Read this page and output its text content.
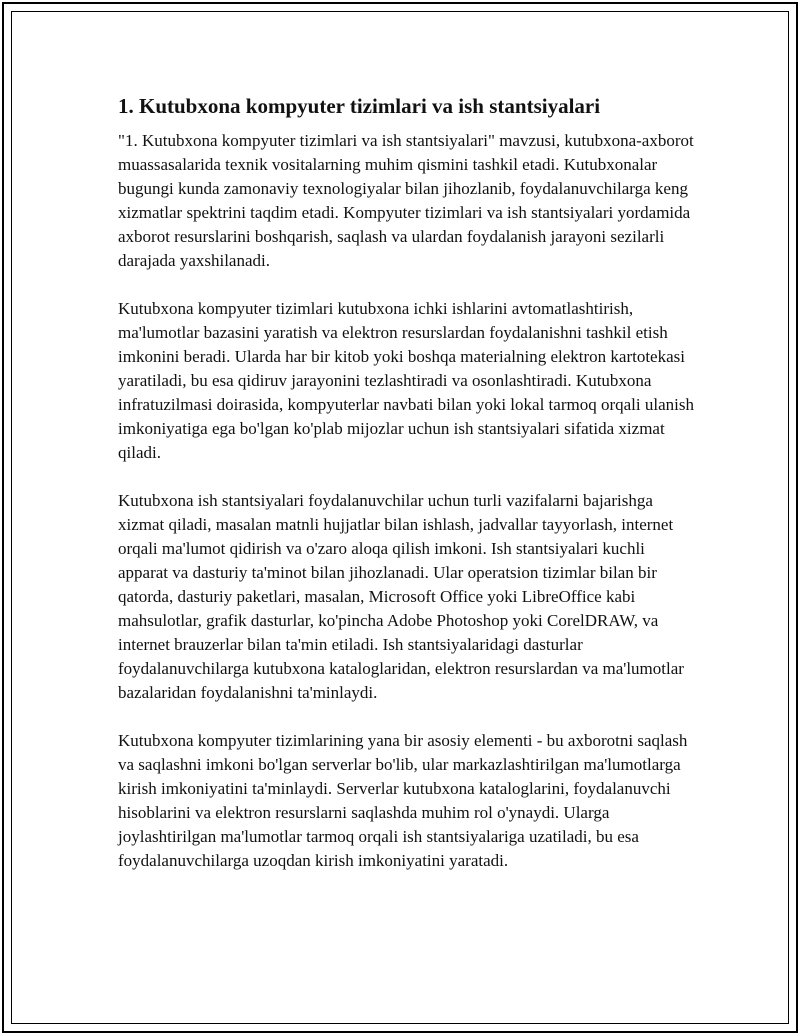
1. Kutubxona kompyuter tizimlari va ish stantsiyalari

"1. Kutubxona kompyuter tizimlari va ish stantsiyalari" mavzusi, kutubxona-axborot muassasalarida texnik vositalarning muhim qismini tashkil etadi. Kutubxonalar bugungi kunda zamonaviy texnologiyalar bilan jihozlanib, foydalanuvchilarga keng xizmatlar spektrini taqdim etadi. Kompyuter tizimlari va ish stantsiyalari yordamida axborot resurslarini boshqarish, saqlash va ulardan foydalanish jarayoni sezilarli darajada yaxshilanadi.

Kutubxona kompyuter tizimlari kutubxona ichki ishlarini avtomatlashtirish, ma'lumotlar bazasini yaratish va elektron resurslardan foydalanishni tashkil etish imkonini beradi. Ularda har bir kitob yoki boshqa materialning elektron kartotekasi yaratiladi, bu esa qidiruv jarayonini tezlashtiradi va osonlashtiradi. Kutubxona infratuzilmasi doirasida, kompyuterlar navbati bilan yoki lokal tarmoq orqali ulanish imkoniyatiga ega bo'lgan ko'plab mijozlar uchun ish stantsiyalari sifatida xizmat qiladi.

Kutubxona ish stantsiyalari foydalanuvchilar uchun turli vazifalarni bajarishga xizmat qiladi, masalan matnli hujjatlar bilan ishlash, jadvallar tayyorlash, internet orqali ma'lumot qidirish va o'zaro aloqa qilish imkoni. Ish stantsiyalari kuchli apparat va dasturiy ta'minot bilan jihozlanadi. Ular operatsion tizimlar bilan bir qatorda, dasturiy paketlari, masalan, Microsoft Office yoki LibreOffice kabi mahsulotlar, grafik dasturlar, ko'pincha Adobe Photoshop yoki CorelDRAW, va internet brauzerlar bilan ta'min etiladi. Ish stantsiyalaridagi dasturlar foydalanuvchilarga kutubxona kataloglaridan, elektron resurslardan va ma'lumotlar bazalaridan foydalanishni ta'minlaydi.

Kutubxona kompyuter tizimlarining yana bir asosiy elementi - bu axborotni saqlash va saqlashni imkoni bo'lgan serverlar bo'lib, ular markazlashtirilgan ma'lumotlarga kirish imkoniyatini ta'minlaydi. Serverlar kutubxona kataloglarini, foydalanuvchi hisoblarini va elektron resurslarni saqlashda muhim rol o'ynaydi. Ularga joylashtirilgan ma'lumotlar tarmoq orqali ish stantsiyalariga uzatiladi, bu esa foydalanuvchilarga uzoqdan kirish imkoniyatini yaratadi.
